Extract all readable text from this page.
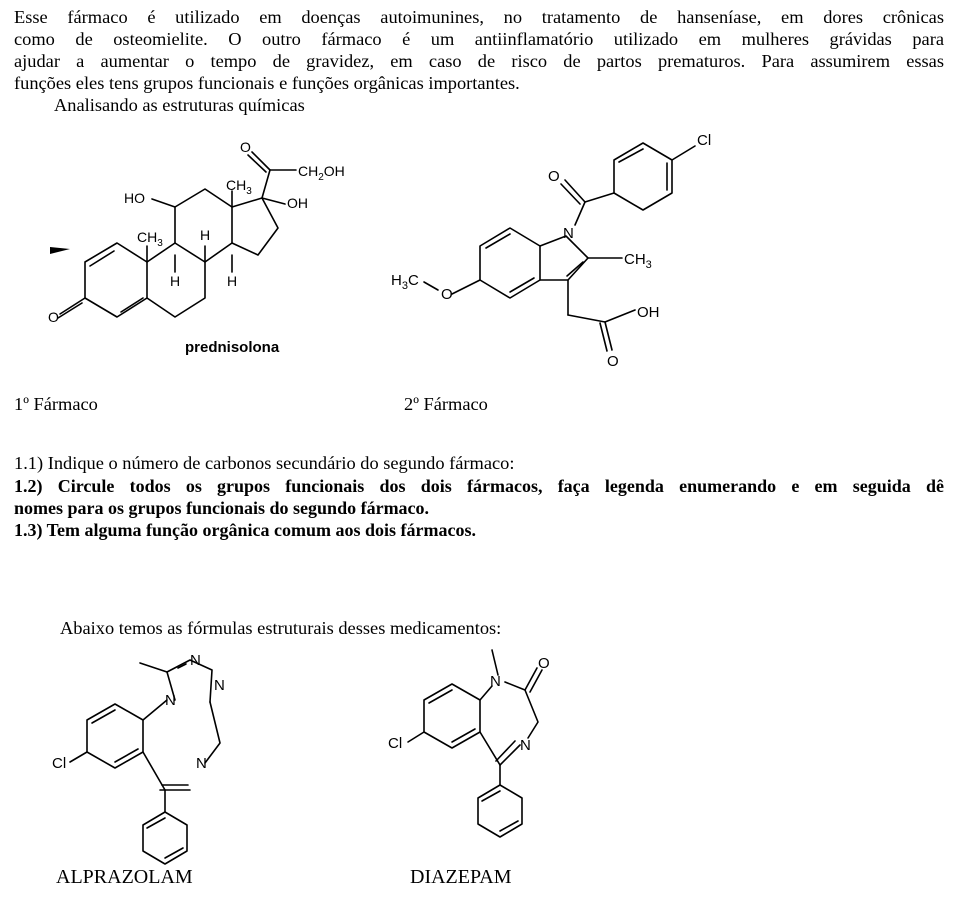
Esse fármaco é utilizado em doenças autoimunines, no tratamento de hanseníase, em dores crônicas
como de osteomielite. O outro fármaco é um antiinflamatório utilizado em mulheres grávidas para
ajudar a aumentar o tempo de gravidez, em caso de risco de partos prematuros. Para assumirem essas
funções eles tens grupos funcionais e funções orgânicas importantes.
Analisando as estruturas químicas
O
$CH_2OH$
$CH_3$
OH
HO
$CH_3$
H
H	H
O
prednisolona
Cl
O
N
$CH_3$
$H_3C$
O
OH
O
1º Fármaco	2º Fármaco
1.1) Indique o número de carbonos secundário do segundo fármaco:
1.2) Circule todos os grupos funcionais dos dois fármacos, faça legenda enumerando e em seguida dê
nomes para os grupos funcionais do segundo fármaco.
1.3) Tem alguma função orgânica comum aos dois fármacos.
Abaixo temos as fórmulas estruturais desses medicamentos:
N
N
N
N
Cl
N
O
N
Cl
ALPRAZOLAM	DIAZEPAM
